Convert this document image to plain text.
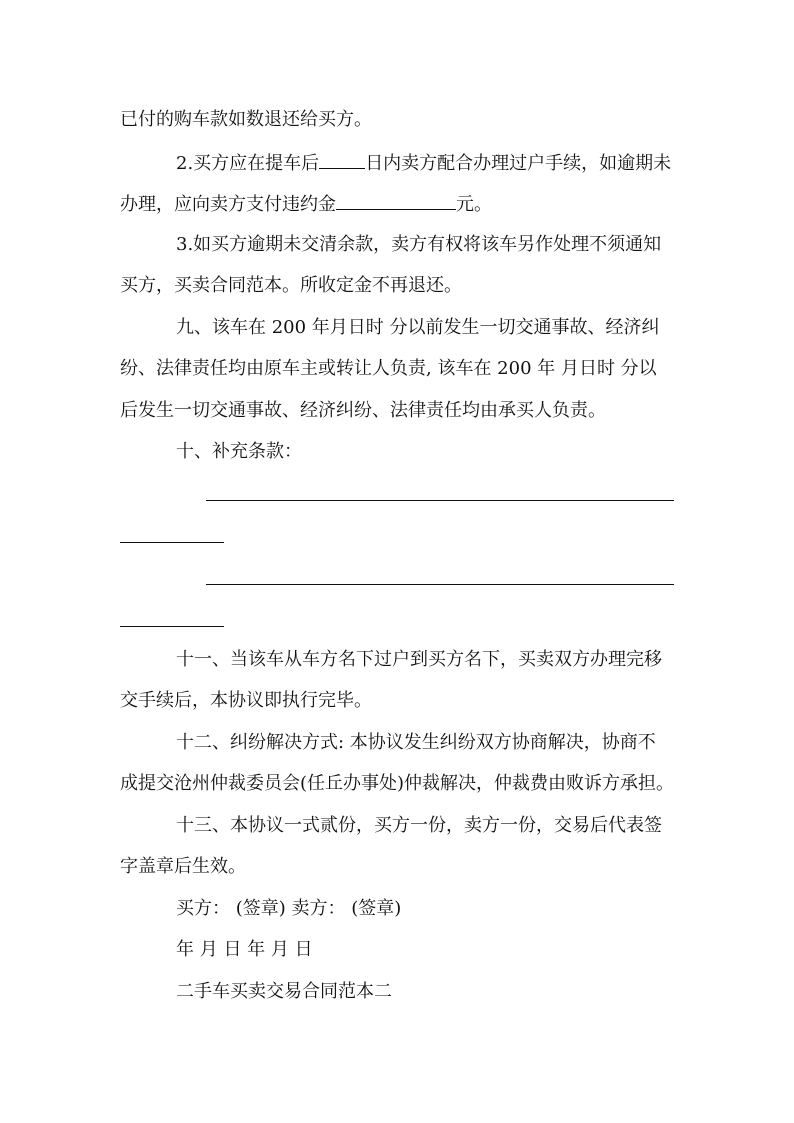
已付的购车款如数退还给买方。
2.买方应在提车后	日内卖方配合办理过户手续，如逾期未
办理，应向卖方支付违约金	元。
3.如买方逾期未交清余款，卖方有权将该车另作处理不须通知
买方，买卖合同范本。所收定金不再退还。
九、该车在 200 年月日时 分以前发生一切交通事故、经济纠
纷、法律责任均由原车主或转让人负责, 该车在 200 年 月日时 分以
后发生一切交通事故、经济纠纷、法律责任均由承买人负责。
十、补充条款：
十一、当该车从车方名下过户到买方名下，买卖双方办理完移
交手续后，本协议即执行完毕。
十二、纠纷解决方式: 本协议发生纠纷双方协商解决，协商不
成提交沧州仲裁委员会(任丘办事处)仲裁解决，仲裁费由败诉方承担。
十三、本协议一式贰份，买方一份，卖方一份，交易后代表签
字盖章后生效。
买方： (签章) 卖方： (签章)
年 月 日 年 月 日
二手车买卖交易合同范本二
